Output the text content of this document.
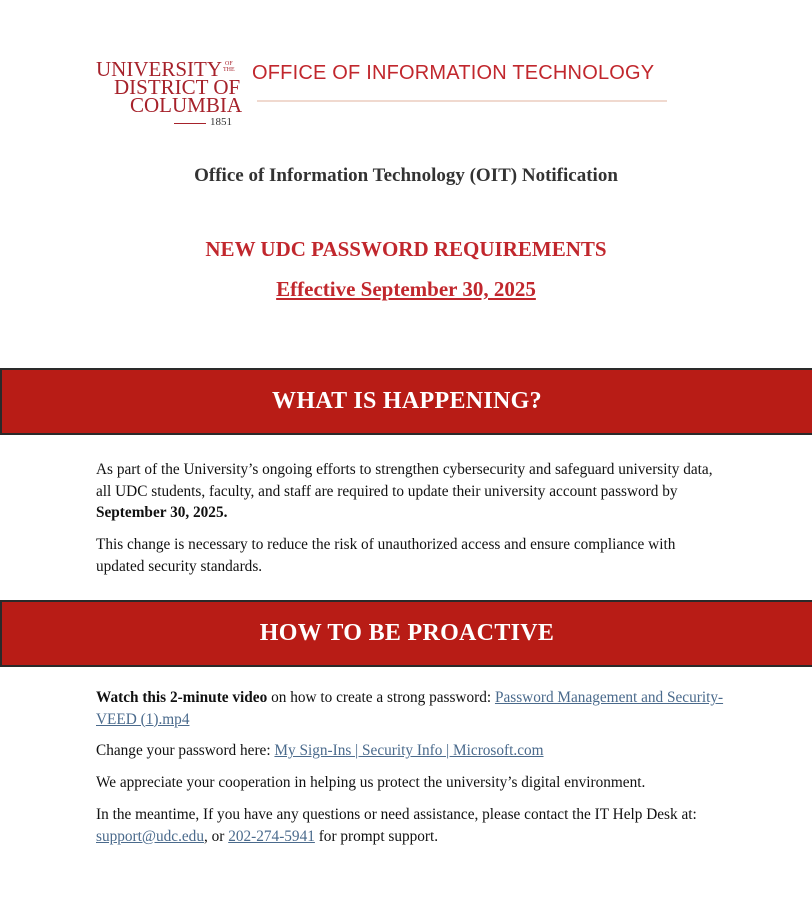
UNIVERSITY OF
THE
DISTRICT OF
COLUMBIA
1851
OFFICE OF INFORMATION TECHNOLOGY
Office of Information Technology (OIT) Notification
NEW UDC PASSWORD REQUIREMENTS
Effective September 30, 2025
WHAT IS HAPPENING?
As part of the University’s ongoing efforts to strengthen cybersecurity and safeguard university data, all UDC students, faculty, and staff are required to update their university account password by September 30, 2025.
This change is necessary to reduce the risk of unauthorized access and ensure compliance with updated security standards.
HOW TO BE PROACTIVE
Watch this 2-minute video on how to create a strong password: Password Management and Security-VEED (1).mp4
Change your password here: My Sign-Ins | Security Info | Microsoft.com
We appreciate your cooperation in helping us protect the university’s digital environment.
In the meantime, If you have any questions or need assistance, please contact the IT Help Desk at: support@udc.edu, or 202-274-5941 for prompt support.
